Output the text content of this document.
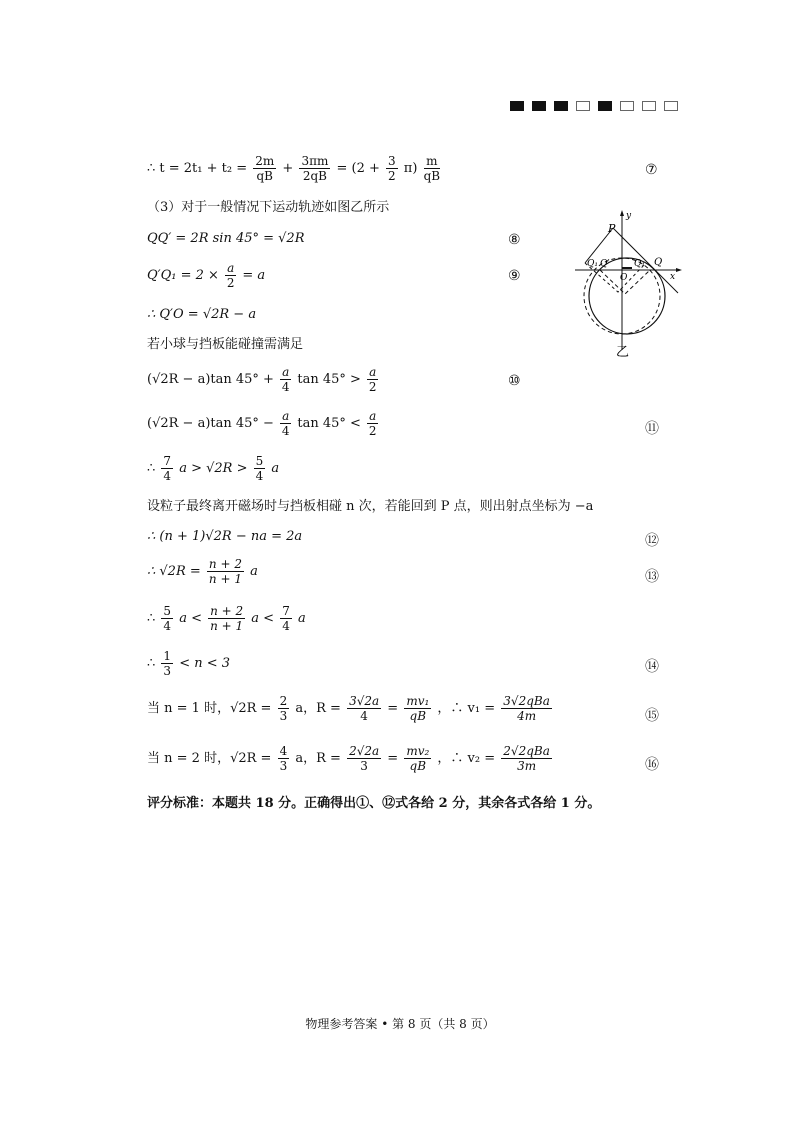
∴ $t = 2t_1 + t_2 = \frac{2m}{qB} + \frac{3\pi m}{2qB} = (2 + \frac{3}{2} \pi) \frac{m}{qB}$	⑦
（3）对于一般情况下运动轨迹如图乙所示
QQ′ = 2R sin 45° = √2R	⑧
$Q'Q_1 = 2 \times \frac{a}{2} = a$	⑨
∴ Q′O = √2R − a
若小球与挡板能碰撞需满足
(√2R − a)tan $45^\circ + \frac{a}{4}$ $\tan 45^\circ > \frac{a}{2}$	⑩
(√2R − a)tan $45^\circ - \frac{a}{4}$ $\tan 45^\circ < \frac{a}{2}$	⑪
∴ $\frac{7}{4}$ $a > √2R > \frac{5}{4}$ a
设粒子最终离开磁场时与挡板相碰 n 次，若能回到 P 点，则出射点坐标为 −a
∴ (n + 1)√2R − na = 2a	⑫
∴ $√2R = \frac{n + 2}{n + 1}$ a	⑬
∴ $\frac{5}{4}$ $a < \frac{n + 2}{n + 1}$ $a < \frac{7}{4}$ a
∴ $\frac{1}{3} < n < 3$	⑭
当 n = 1 时，$√2R = \frac{2}{3}$ a，$R = \frac{3√2a}{4} = \frac{\text{mv₁}}{qB}$ ，∴ $v_1 = \frac{\text{3√2qBa}}{4m}$	⑮
当 n = 2 时，$√2R = \frac{4}{3}$ a，$R = \frac{2√2a}{3} = \frac{\text{mv₂}}{qB}$ ，∴ $v_2 = \frac{\text{2√2qBa}}{3m}$	⑯
评分标准：本题共 18 分。正确得出①、⑫式各给 2 分，其余各式各给 1 分。
P
y
x
Q₁ Q′	Q₁ Q
O
乙
物理参考答案 • 第 8 页（共 8 页）
